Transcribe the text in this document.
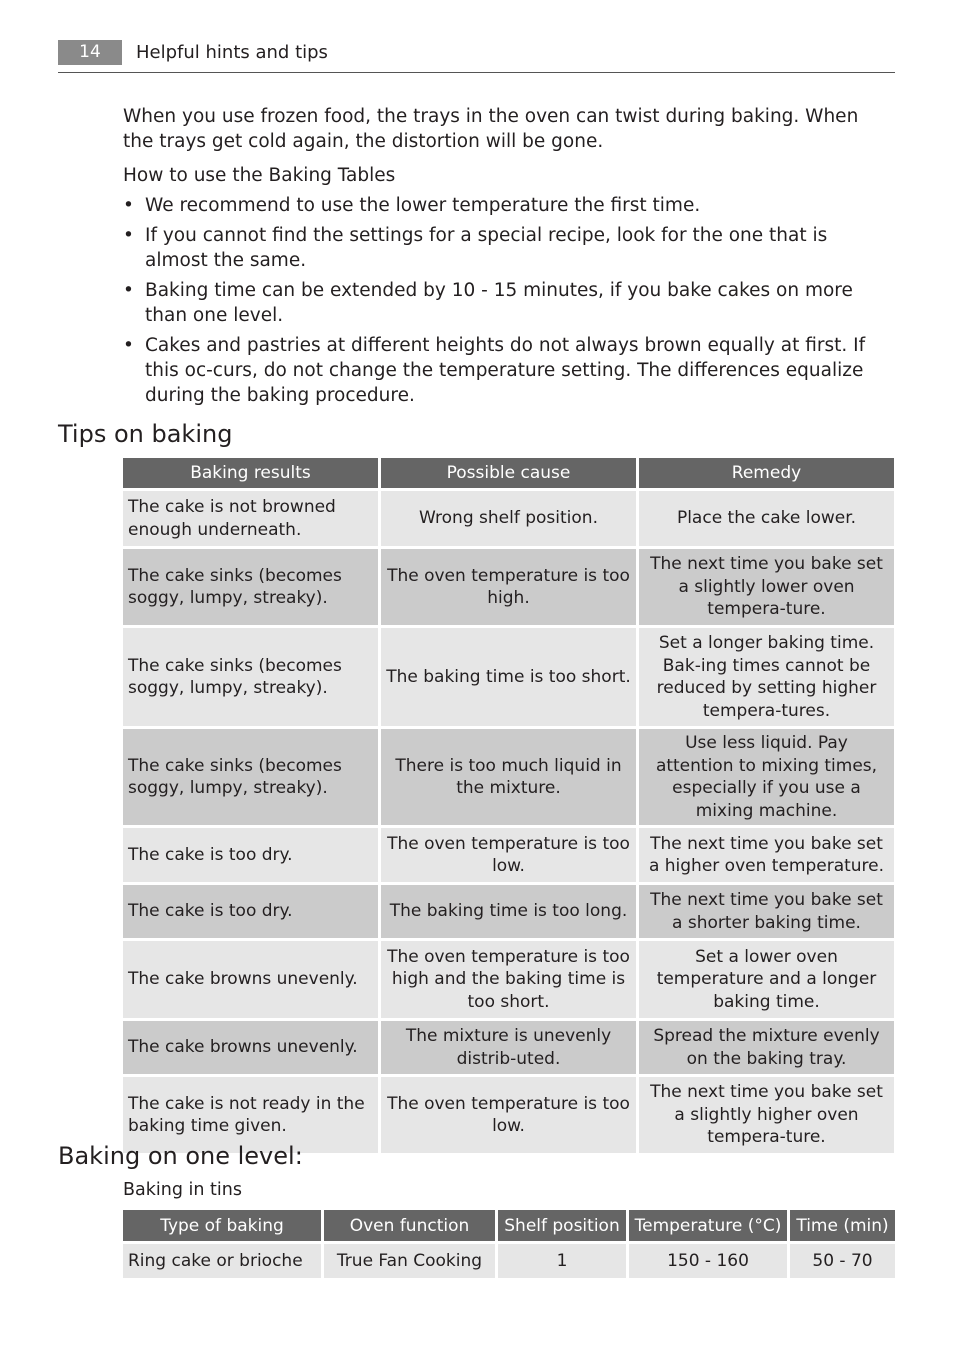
14	Helpful hints and tips
When you use frozen food, the trays in the oven can twist during baking. When the trays get cold again, the distortion will be gone.
How to use the Baking Tables
• We recommend to use the lower temperature the first time.
• If you cannot find the settings for a special recipe, look for the one that is almost the same.
• Baking time can be extended by 10 - 15 minutes, if you bake cakes on more than one level.
• Cakes and pastries at different heights do not always brown equally at first. If this oc-curs, do not change the temperature setting. The differences equalize during the baking procedure.
Tips on baking
Baking results	Possible cause	Remedy
The cake is not browned enough underneath.	Wrong shelf position.	Place the cake lower.
The cake sinks (becomes soggy, lumpy, streaky).	The oven temperature is too high.	The next time you bake set a slightly lower oven tempera-ture.
The cake sinks (becomes soggy, lumpy, streaky).	The baking time is too short.	Set a longer baking time. Bak-ing times cannot be reduced by setting higher tempera-tures.
The cake sinks (becomes soggy, lumpy, streaky).	There is too much liquid in the mixture.	Use less liquid. Pay attention to mixing times, especially if you use a mixing machine.
The cake is too dry.	The oven temperature is too low.	The next time you bake set a higher oven temperature.
The cake is too dry.	The baking time is too long.	The next time you bake set a shorter baking time.
The cake browns unevenly.	The oven temperature is too high and the baking time is too short.	Set a lower oven temperature and a longer baking time.
The cake browns unevenly.	The mixture is unevenly distrib-uted.	Spread the mixture evenly on the baking tray.
The cake is not ready in the baking time given.	The oven temperature is too low.	The next time you bake set a slightly higher oven tempera-ture.
Baking on one level:
Baking in tins
Type of baking	Oven function	Shelf position	Temperature (°C)	Time (min)
Ring cake or brioche	True Fan Cooking	1	150 - 160	50 - 70
